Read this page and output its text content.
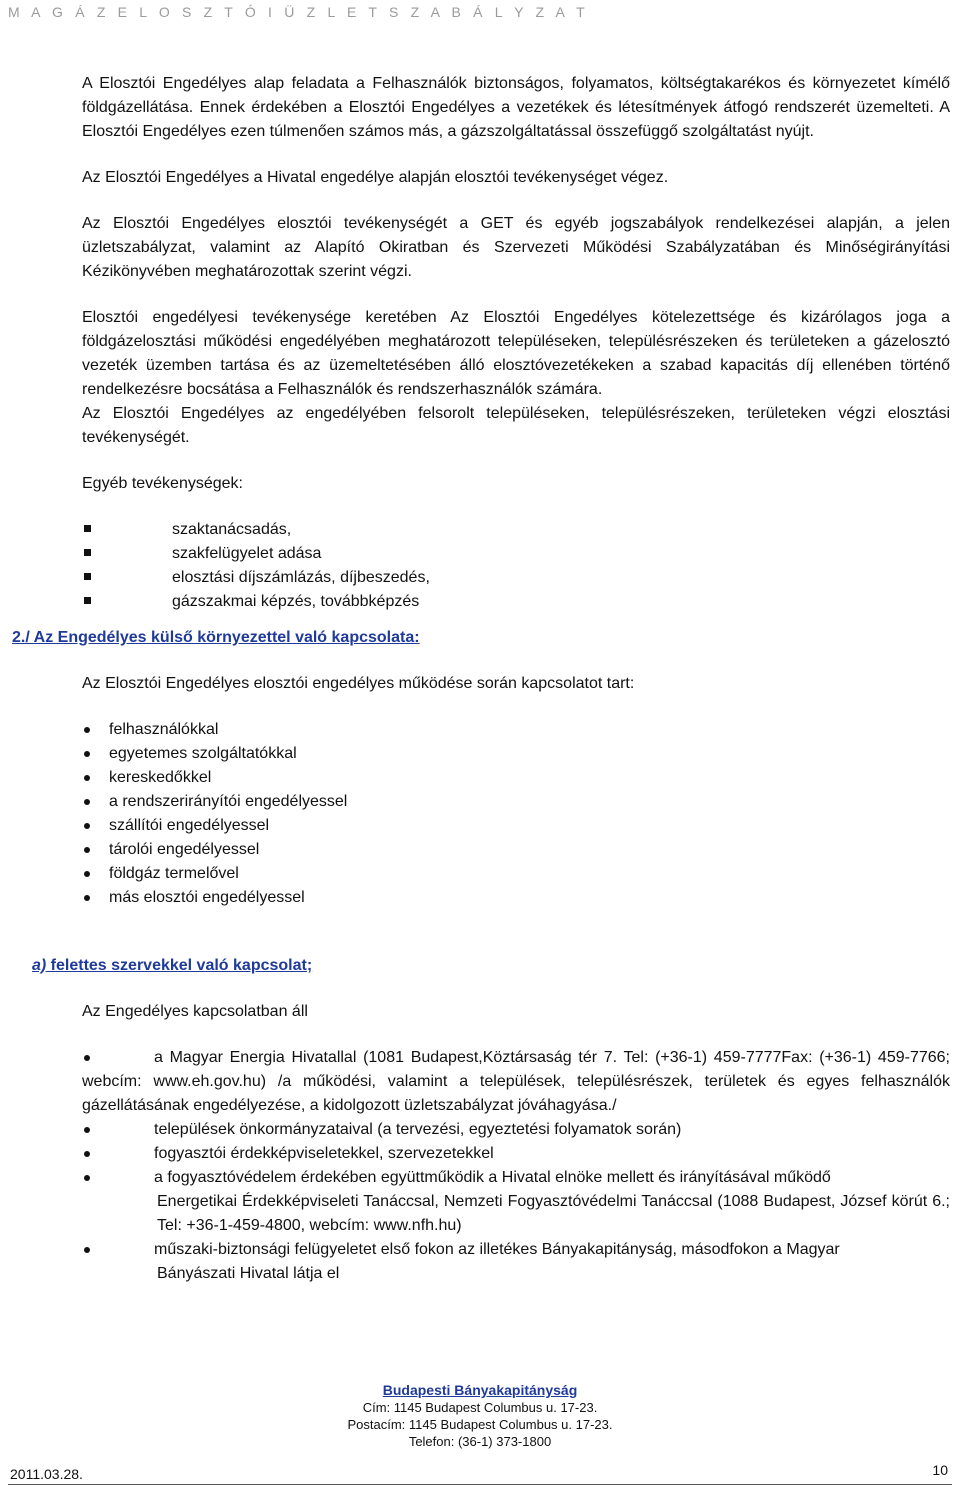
M A G Á Z E L O S Z T Ó I Ü Z L E T S Z A B Á L Y Z A T

A Elosztói Engedélyes alap feladata a Felhasználók biztonságos, folyamatos, költségtakarékos és környezetet kímélő földgázellátása. Ennek érdekében a Elosztói Engedélyes a vezetékek és létesítmények átfogó rendszerét üzemelteti. A Elosztói Engedélyes ezen túlmenően számos más, a gázszolgáltatással összefüggő szolgáltatást nyújt.

Az Elosztói Engedélyes a Hivatal engedélye alapján elosztói tevékenységet végez.

Az Elosztói Engedélyes elosztói tevékenységét a GET és egyéb jogszabályok rendelkezései alapján, a jelen üzletszabályzat, valamint az Alapító Okiratban és Szervezeti Működési Szabályzatában és Minőségirányítási Kézikönyvében meghatározottak szerint végzi.

Elosztói engedélyesi tevékenysége keretében Az Elosztói Engedélyes kötelezettsége és kizárólagos joga a földgázelosztási működési engedélyében meghatározott településeken, településrészeken és területeken a gázelosztó vezeték üzemben tartása és az üzemeltetésében álló elosztóvezetékeken a szabad kapacitás díj ellenében történő rendelkezésre bocsátása a Felhasználók és rendszerhasználók számára.

Az Elosztói Engedélyes az engedélyében felsorolt településeken, településrészeken, területeken végzi elosztási tevékenységét.

Egyéb tevékenységek:

szaktanácsadás,
szakfelügyelet adása
elosztási díjszámlázás, díjbeszedés,
gázszakmai képzés, továbbképzés
2./ Az Engedélyes külső környezettel való kapcsolata:

Az Elosztói Engedélyes elosztói engedélyes működése során kapcsolatot tart:

felhasználókkal
egyetemes szolgáltatókkal
kereskedőkkel
a rendszerirányítói engedélyessel
szállítói engedélyessel
tárolói engedélyessel
földgáz termelővel
más elosztói engedélyessel
a) felettes szervekkel való kapcsolat;

Az Engedélyes kapcsolatban áll

a Magyar Energia Hivatallal (1081 Budapest,Köztársaság tér 7. Tel: (+36-1) 459-7777Fax: (+36-1) 459-7766; webcím: www.eh.gov.hu) /a működési, valamint a települések, településrészek, területek és egyes felhasználók gázellátásának engedélyezése, a kidolgozott üzletszabályzat jóváhagyása./
települések önkormányzataival (a tervezési, egyeztetési folyamatok során)
fogyasztói érdekképviseletekkel, szervezetekkel
a fogyasztóvédelem érdekében együttműködik a Hivatal elnöke mellett és irányításával működő
Energetikai Érdekképviseleti Tanáccsal, Nemzeti Fogyasztóvédelmi Tanáccsal (1088 Budapest, József körút 6.; Tel: +36-1-459-4800, webcím: www.nfh.hu)
műszaki-biztonsági felügyeletet első fokon az illetékes Bányakapitányság, másodfokon a Magyar
Bányászati Hivatal látja el
Budapesti Bányakapitányság
Cím: 1145 Budapest Columbus u. 17-23.
Postacím: 1145 Budapest Columbus u. 17-23.
Telefon: (36-1) 373-1800
2011.03.28.	10
